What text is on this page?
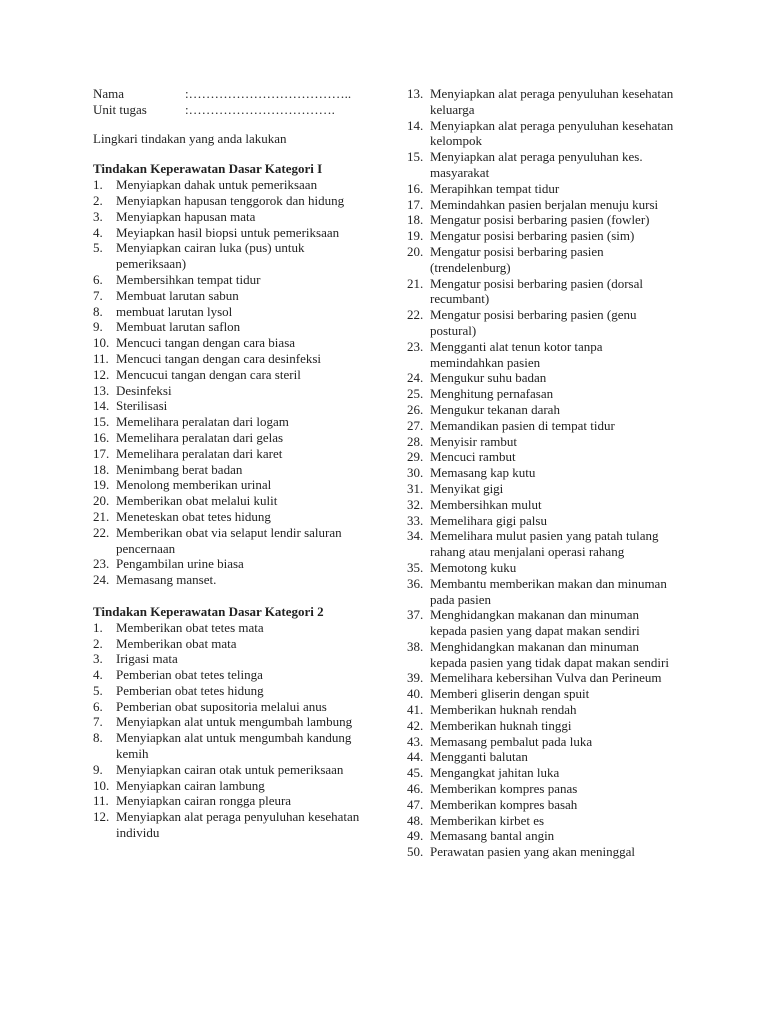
Nama	:………………………………..
Unit tugas	:…………………………….
Lingkari tindakan yang anda lakukan
Tindakan Keperawatan Dasar Kategori I
1.	Menyiapkan dahak untuk pemeriksaan
2.	Menyiapkan hapusan tenggorok dan hidung
3.	Menyiapkan hapusan mata
4.	Meyiapkan hasil biopsi untuk pemeriksaan
5.	Menyiapkan cairan luka (pus) untuk pemeriksaan)
6.	Membersihkan tempat tidur
7.	Membuat larutan sabun
8.	membuat larutan lysol
9.	Membuat larutan saflon
10. Mencuci tangan dengan cara biasa
11. Mencuci tangan dengan cara desinfeksi
12. Mencucui tangan dengan cara steril
13. Desinfeksi
14. Sterilisasi
15. Memelihara peralatan dari logam
16. Memelihara peralatan dari gelas
17. Memelihara peralatan dari karet
18. Menimbang berat badan
19. Menolong memberikan urinal
20. Memberikan obat melalui kulit
21. Meneteskan obat tetes hidung
22. Memberikan obat via selaput lendir saluran pencernaan
23. Pengambilan urine biasa
24. Memasang manset.
Tindakan Keperawatan Dasar Kategori 2
1.	Memberikan obat tetes mata
2.	Memberikan obat mata
3.	Irigasi mata
4.	Pemberian obat tetes telinga
5.	Pemberian obat tetes hidung
6.	Pemberian obat supositoria melalui anus
7.	Menyiapkan alat untuk mengumbah lambung
8.	Menyiapkan alat untuk mengumbah kandung kemih
9.	Menyiapkan cairan otak untuk pemeriksaan
10. Menyiapkan cairan lambung
11. Menyiapkan cairan rongga pleura
12. Menyiapkan alat peraga penyuluhan kesehatan individu
13. Menyiapkan alat peraga penyuluhan kesehatan keluarga
14. Menyiapkan alat peraga penyuluhan kesehatan kelompok
15. Menyiapkan alat peraga penyuluhan kes. masyarakat
16. Merapihkan tempat tidur
17. Memindahkan pasien berjalan menuju kursi
18. Mengatur posisi berbaring pasien (fowler)
19. Mengatur posisi berbaring pasien (sim)
20. Mengatur posisi berbaring pasien (trendelenburg)
21. Mengatur posisi berbaring pasien (dorsal recumbant)
22. Mengatur posisi berbaring pasien (genu postural)
23. Mengganti alat tenun kotor tanpa memindahkan pasien
24. Mengukur suhu badan
25. Menghitung pernafasan
26. Mengukur tekanan darah
27. Memandikan pasien di tempat tidur
28. Menyisir rambut
29. Mencuci rambut
30. Memasang kap kutu
31. Menyikat gigi
32. Membersihkan mulut
33. Memelihara gigi palsu
34. Memelihara mulut pasien yang patah tulang rahang atau menjalani operasi rahang
35. Memotong kuku
36. Membantu memberikan makan dan minuman pada pasien
37. Menghidangkan makanan dan minuman kepada pasien yang dapat makan sendiri
38. Menghidangkan makanan dan minuman kepada pasien yang tidak dapat makan sendiri
39. Memelihara kebersihan Vulva dan Perineum
40. Memberi gliserin dengan spuit
41. Memberikan huknah rendah
42. Memberikan huknah tinggi
43. Memasang pembalut pada luka
44. Mengganti balutan
45. Mengangkat jahitan luka
46. Memberikan kompres panas
47. Memberikan kompres basah
48. Memberikan kirbet es
49. Memasang bantal angin
50. Perawatan pasien yang akan meninggal
